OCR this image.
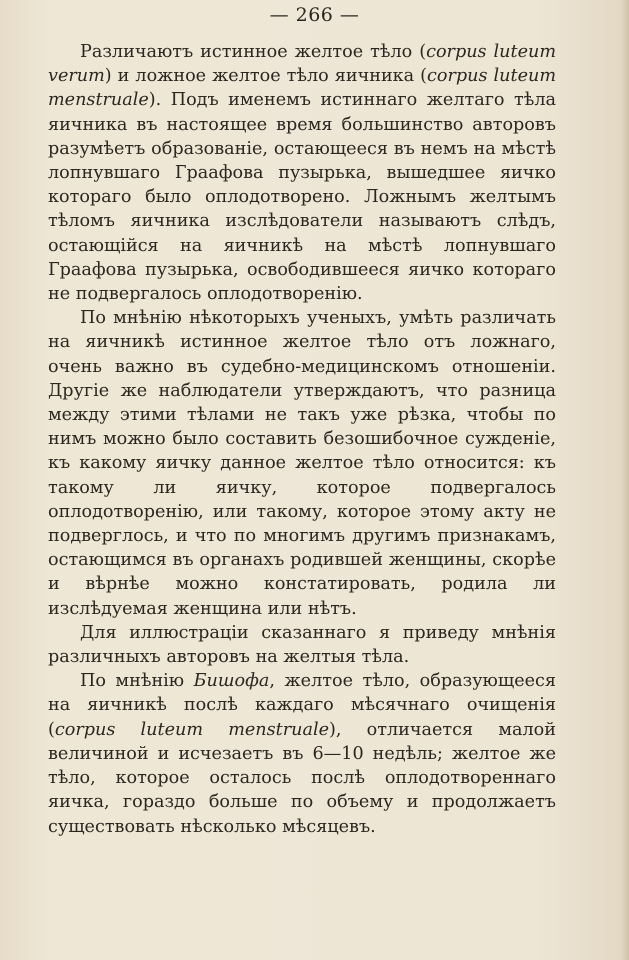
— 266 —

Различаютъ истинное желтое тѣло (corpus luteum verum) и ложное желтое тѣло яичника (corpus luteum menstruale). Подъ именемъ истиннаго желтаго тѣла яичника въ настоящее время большинство авторовъ разумѣетъ образованіе, остающееся въ немъ на мѣстѣ лопнувшаго Граафова пузырька, вышедшее яичко котораго было оплодотворено. Ложнымъ желтымъ тѣломъ яичника изслѣдователи называютъ слѣдъ, остающійся на яичникѣ на мѣстѣ лопнувшаго Граафова пузырька, освободившееся яичко котораго не подвергалось оплодотворенію.

По мнѣнію нѣкоторыхъ ученыхъ, умѣть различать на яичникѣ истинное желтое тѣло отъ ложнаго, очень важно въ судебно-медицинскомъ отношеніи. Другіе же наблюдатели утверждаютъ, что разница между этими тѣлами не такъ уже рѣзка, чтобы по нимъ можно было составить безошибочное сужденіе, къ какому яичку данное желтое тѣло относится: къ такому ли яичку, которое подвергалось оплодотворенію, или такому, которое этому акту не подверглось, и что по многимъ другимъ признакамъ, остающимся въ органахъ родившей женщины, скорѣе и вѣрнѣе можно констатировать, родила ли изслѣдуемая женщина или нѣтъ.

Для иллюстраціи сказаннаго я приведу мнѣнія различныхъ авторовъ на желтыя тѣла.

По мнѣнію Бишофа, желтое тѣло, образующееся на яичникѣ послѣ каждаго мѣсячнаго очищенія (corpus luteum menstruale), отличается малой величиной и исчезаетъ въ 6—10 недѣль; желтое же тѣло, которое осталось послѣ оплодотвореннаго яичка, гораздо больше по объему и продолжаетъ существовать нѣсколько мѣсяцевъ.
